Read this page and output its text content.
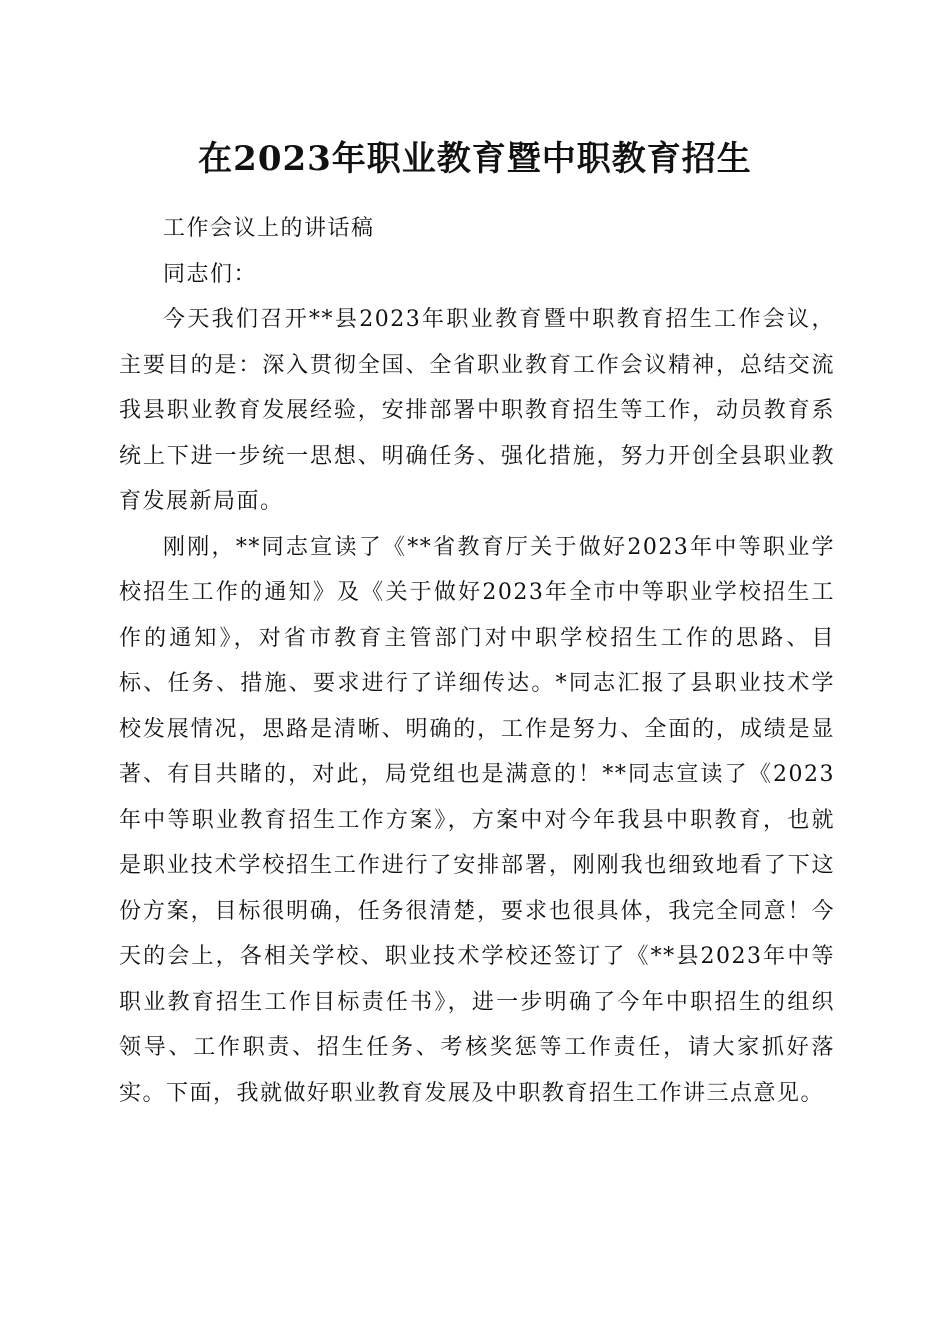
在2023年职业教育暨中职教育招生

工作会议上的讲话稿

同志们：

今天我们召开**县2023年职业教育暨中职教育招生工作会议，主要目的是：深入贯彻全国、全省职业教育工作会议精神，总结交流我县职业教育发展经验，安排部署中职教育招生等工作，动员教育系统上下进一步统一思想、明确任务、强化措施，努力开创全县职业教育发展新局面。

刚刚，**同志宣读了《**省教育厅关于做好2023年中等职业学校招生工作的通知》及《关于做好2023年全市中等职业学校招生工作的通知》，对省市教育主管部门对中职学校招生工作的思路、目标、任务、措施、要求进行了详细传达。*同志汇报了县职业技术学校发展情况，思路是清晰、明确的，工作是努力、全面的，成绩是显著、有目共睹的，对此，局党组也是满意的！**同志宣读了《2023年中等职业教育招生工作方案》，方案中对今年我县中职教育，也就是职业技术学校招生工作进行了安排部署，刚刚我也细致地看了下这份方案，目标很明确，任务很清楚，要求也很具体，我完全同意！今天的会上，各相关学校、职业技术学校还签订了《**县2023年中等职业教育招生工作目标责任书》，进一步明确了今年中职招生的组织领导、工作职责、招生任务、考核奖惩等工作责任，请大家抓好落实。下面，我就做好职业教育发展及中职教育招生工作讲三点意见。
